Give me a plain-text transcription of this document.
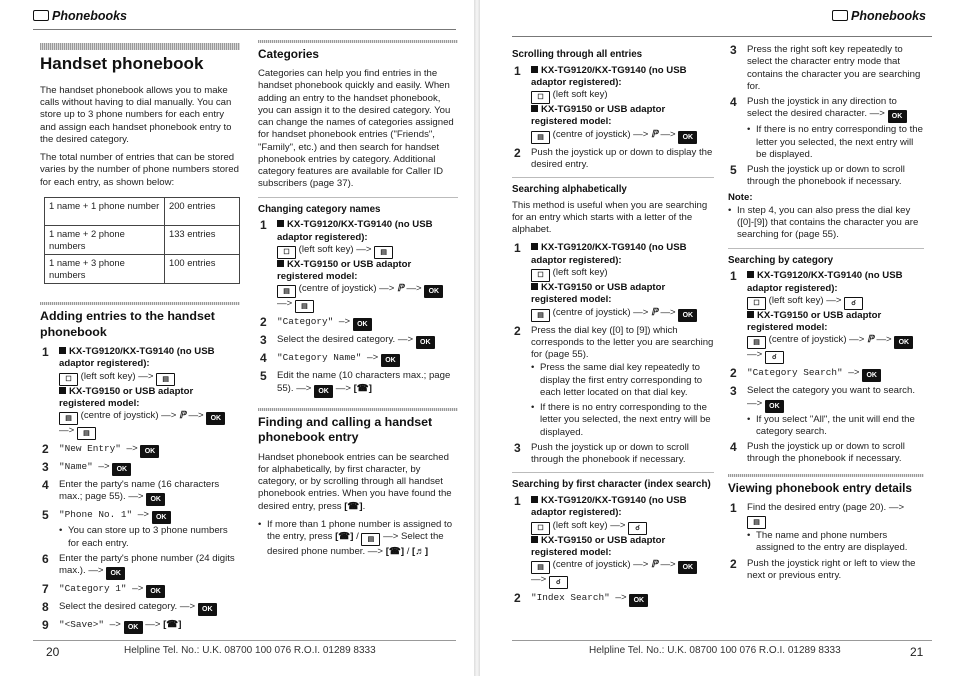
Phonebooks
Handset phonebook

The handset phonebook allows you to make calls without having to dial manually. You can store up to 3 phone numbers for each entry and assign each handset phonebook entry to the desired category.

The total number of entries that can be stored varies by the number of phone numbers stored for each entry, as shown below:

1 name + 1 phone number	200 entries
1 name + 2 phone numbers	133 entries
1 name + 3 phone numbers	100 entries
Adding entries to the handset phonebook
1	KX-TG9120/KX-TG9140 (no USB adaptor registered):
☐ (left soft key) —> ▤
KX-TG9150 or USB adaptor registered model:
▤ (centre of joystick) —> ℙ —> OK
—> ▤
2 "New Entry" —> OK
3 "Name" —> OK
4 Enter the party's name (16 characters max.; page 55). —> OK
5 "Phone No. 1" —> OK
• You can store up to 3 phone numbers for each entry.
6 Enter the party's phone number (24 digits max.). —> OK
7 "Category 1" —> OK
8 Select the desired category. —> OK
9 "<Save>" —> OK —> [☎]
Categories

Categories can help you find entries in the handset phonebook quickly and easily. When adding an entry to the handset phonebook, you can assign it to the desired category. You can change the names of categories assigned for handset phonebook entries ("Friends", "Family", etc.) and then search for handset phonebook entries by category. Additional category features are available for Caller ID subscribers (page 37).

Changing category names
1	KX-TG9120/KX-TG9140 (no USB adaptor registered):
☐ (left soft key) —> ▤
KX-TG9150 or USB adaptor registered model:
▤ (centre of joystick) —> ℙ —> OK
—> ▤
2 "Category" —> OK
3 Select the desired category. —> OK
4 "Category Name" —> OK
5 Edit the name (10 characters max.; page 55). —> OK —> [☎]
Finding and calling a handset phonebook entry

Handset phonebook entries can be searched for alphabetically, by first character, by category, or by scrolling through all handset phonebook entries. When you have found the desired entry, press [☎].

• If more than 1 phone number is assigned to the entry, press [☎] / ▤ —> Select the desired phone number. —> [☎] / [♬]
20	Helpline Tel. No.: U.K. 08700 100 076 R.O.I. 01289 8333
Phonebooks
Scrolling through all entries
1	KX-TG9120/KX-TG9140 (no USB adaptor registered):
☐ (left soft key)
KX-TG9150 or USB adaptor registered model:
▤ (centre of joystick) —> ℙ —> OK
2 Push the joystick up or down to display the desired entry.
Searching alphabetically

This method is useful when you are searching for an entry which starts with a letter of the alphabet.

1	KX-TG9120/KX-TG9140 (no USB adaptor registered):
☐ (left soft key)
KX-TG9150 or USB adaptor registered model:
▤ (centre of joystick) —> ℙ —> OK
2 Press the dial key ([0] to [9]) which corresponds to the letter you are searching for (page 55).
• Press the same dial key repeatedly to display the first entry corresponding to each letter located on that dial key.
• If there is no entry corresponding to the letter you selected, the next entry will be displayed.
3 Push the joystick up or down to scroll through the phonebook if necessary.
Searching by first character (index search)
1	KX-TG9120/KX-TG9140 (no USB adaptor registered):
☐ (left soft key) —> ☌
KX-TG9150 or USB adaptor registered model:
▤ (centre of joystick) —> ℙ —> OK
—> ☌
2 "Index Search" —> OK
3 Press the right soft key repeatedly to select the character entry mode that contains the character you are searching for.
4 Push the joystick in any direction to select the desired character. —> OK
• If there is no entry corresponding to the letter you selected, the next entry will be displayed.
5 Push the joystick up or down to scroll through the phonebook if necessary.
Note:
• In step 4, you can also press the dial key ([0]-[9]) that contains the character you are searching for (page 55).
Searching by category
1	KX-TG9120/KX-TG9140 (no USB adaptor registered):
☐ (left soft key) —> ☌
KX-TG9150 or USB adaptor registered model:
▤ (centre of joystick) —> ℙ —> OK
—> ☌
2 "Category Search" —> OK
3 Select the category you want to search. —> OK
• If you select "All", the unit will end the category search.
4 Push the joystick up or down to scroll through the phonebook if necessary.
Viewing phonebook entry details
1 Find the desired entry (page 20). —> ▤
• The name and phone numbers assigned to the entry are displayed.
2 Push the joystick right or left to view the next or previous entry.
Helpline Tel. No.: U.K. 08700 100 076 R.O.I. 01289 8333	21
